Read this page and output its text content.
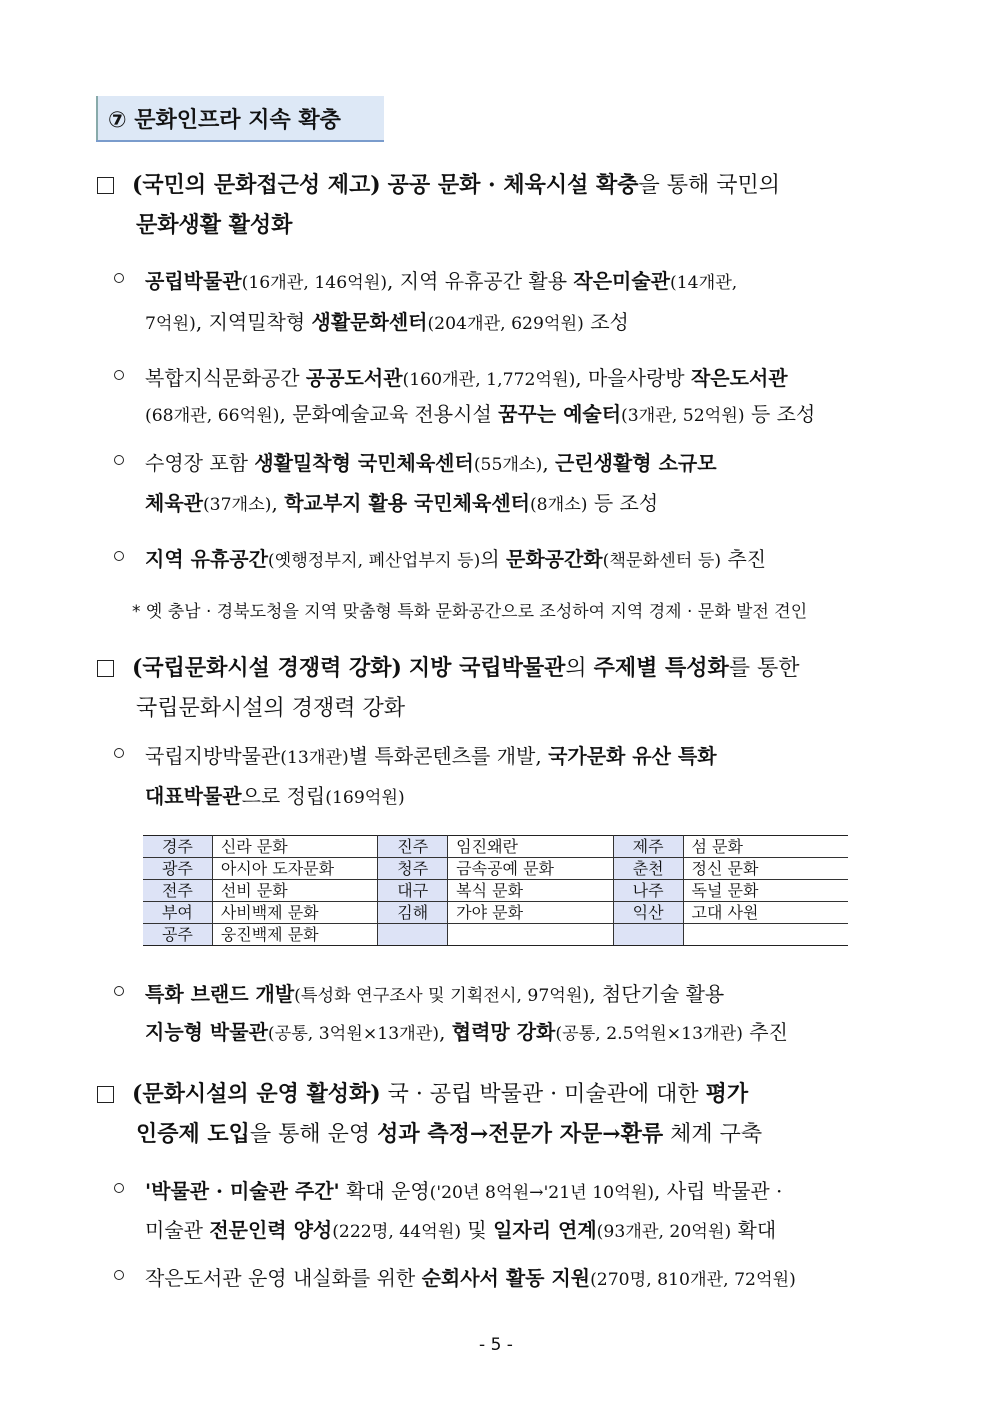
⑦ 문화인프라 지속 확충
(국민의 문화접근성 제고) 공공 문화 · 체육시설 확충을 통해 국민의
문화생활 활성화
공립박물관(16개관, 146억원), 지역 유휴공간 활용 작은미술관(14개관,
7억원), 지역밀착형 생활문화센터(204개관, 629억원) 조성
복합지식문화공간 공공도서관(160개관, 1,772억원), 마을사랑방 작은도서관
(68개관, 66억원), 문화예술교육 전용시설 꿈꾸는 예술터(3개관, 52억원) 등 조성
수영장 포함 생활밀착형 국민체육센터(55개소), 근린생활형 소규모
체육관(37개소), 학교부지 활용 국민체육센터(8개소) 등 조성
지역 유휴공간(옛행정부지, 폐산업부지 등)의 문화공간화(책문화센터 등) 추진
* 옛 충남 · 경북도청을 지역 맞춤형 특화 문화공간으로 조성하여 지역 경제 · 문화 발전 견인
(국립문화시설 경쟁력 강화) 지방 국립박물관의 주제별 특성화를 통한
국립문화시설의 경쟁력 강화
국립지방박물관(13개관)별 특화콘텐츠를 개발, 국가문화 유산 특화
대표박물관으로 정립(169억원)
경주	신라 문화	진주	임진왜란	제주	섬 문화
광주	아시아 도자문화	청주	금속공예 문화	춘천	정신 문화
전주	선비 문화	대구	복식 문화	나주	독널 문화
부여	사비백제 문화	김해	가야 문화	익산	고대 사원
공주	웅진백제 문화				
특화 브랜드 개발(특성화 연구조사 및 기획전시, 97억원), 첨단기술 활용
지능형 박물관(공통, 3억원×13개관), 협력망 강화(공통, 2.5억원×13개관) 추진
(문화시설의 운영 활성화) 국 · 공립 박물관 · 미술관에 대한 평가
인증제 도입을 통해 운영 성과 측정→전문가 자문→환류 체계 구축
'박물관 · 미술관 주간' 확대 운영('20년 8억원→'21년 10억원), 사립 박물관 ·
미술관 전문인력 양성(222명, 44억원) 및 일자리 연계(93개관, 20억원) 확대
작은도서관 운영 내실화를 위한 순회사서 활동 지원(270명, 810개관, 72억원)
- 5 -
